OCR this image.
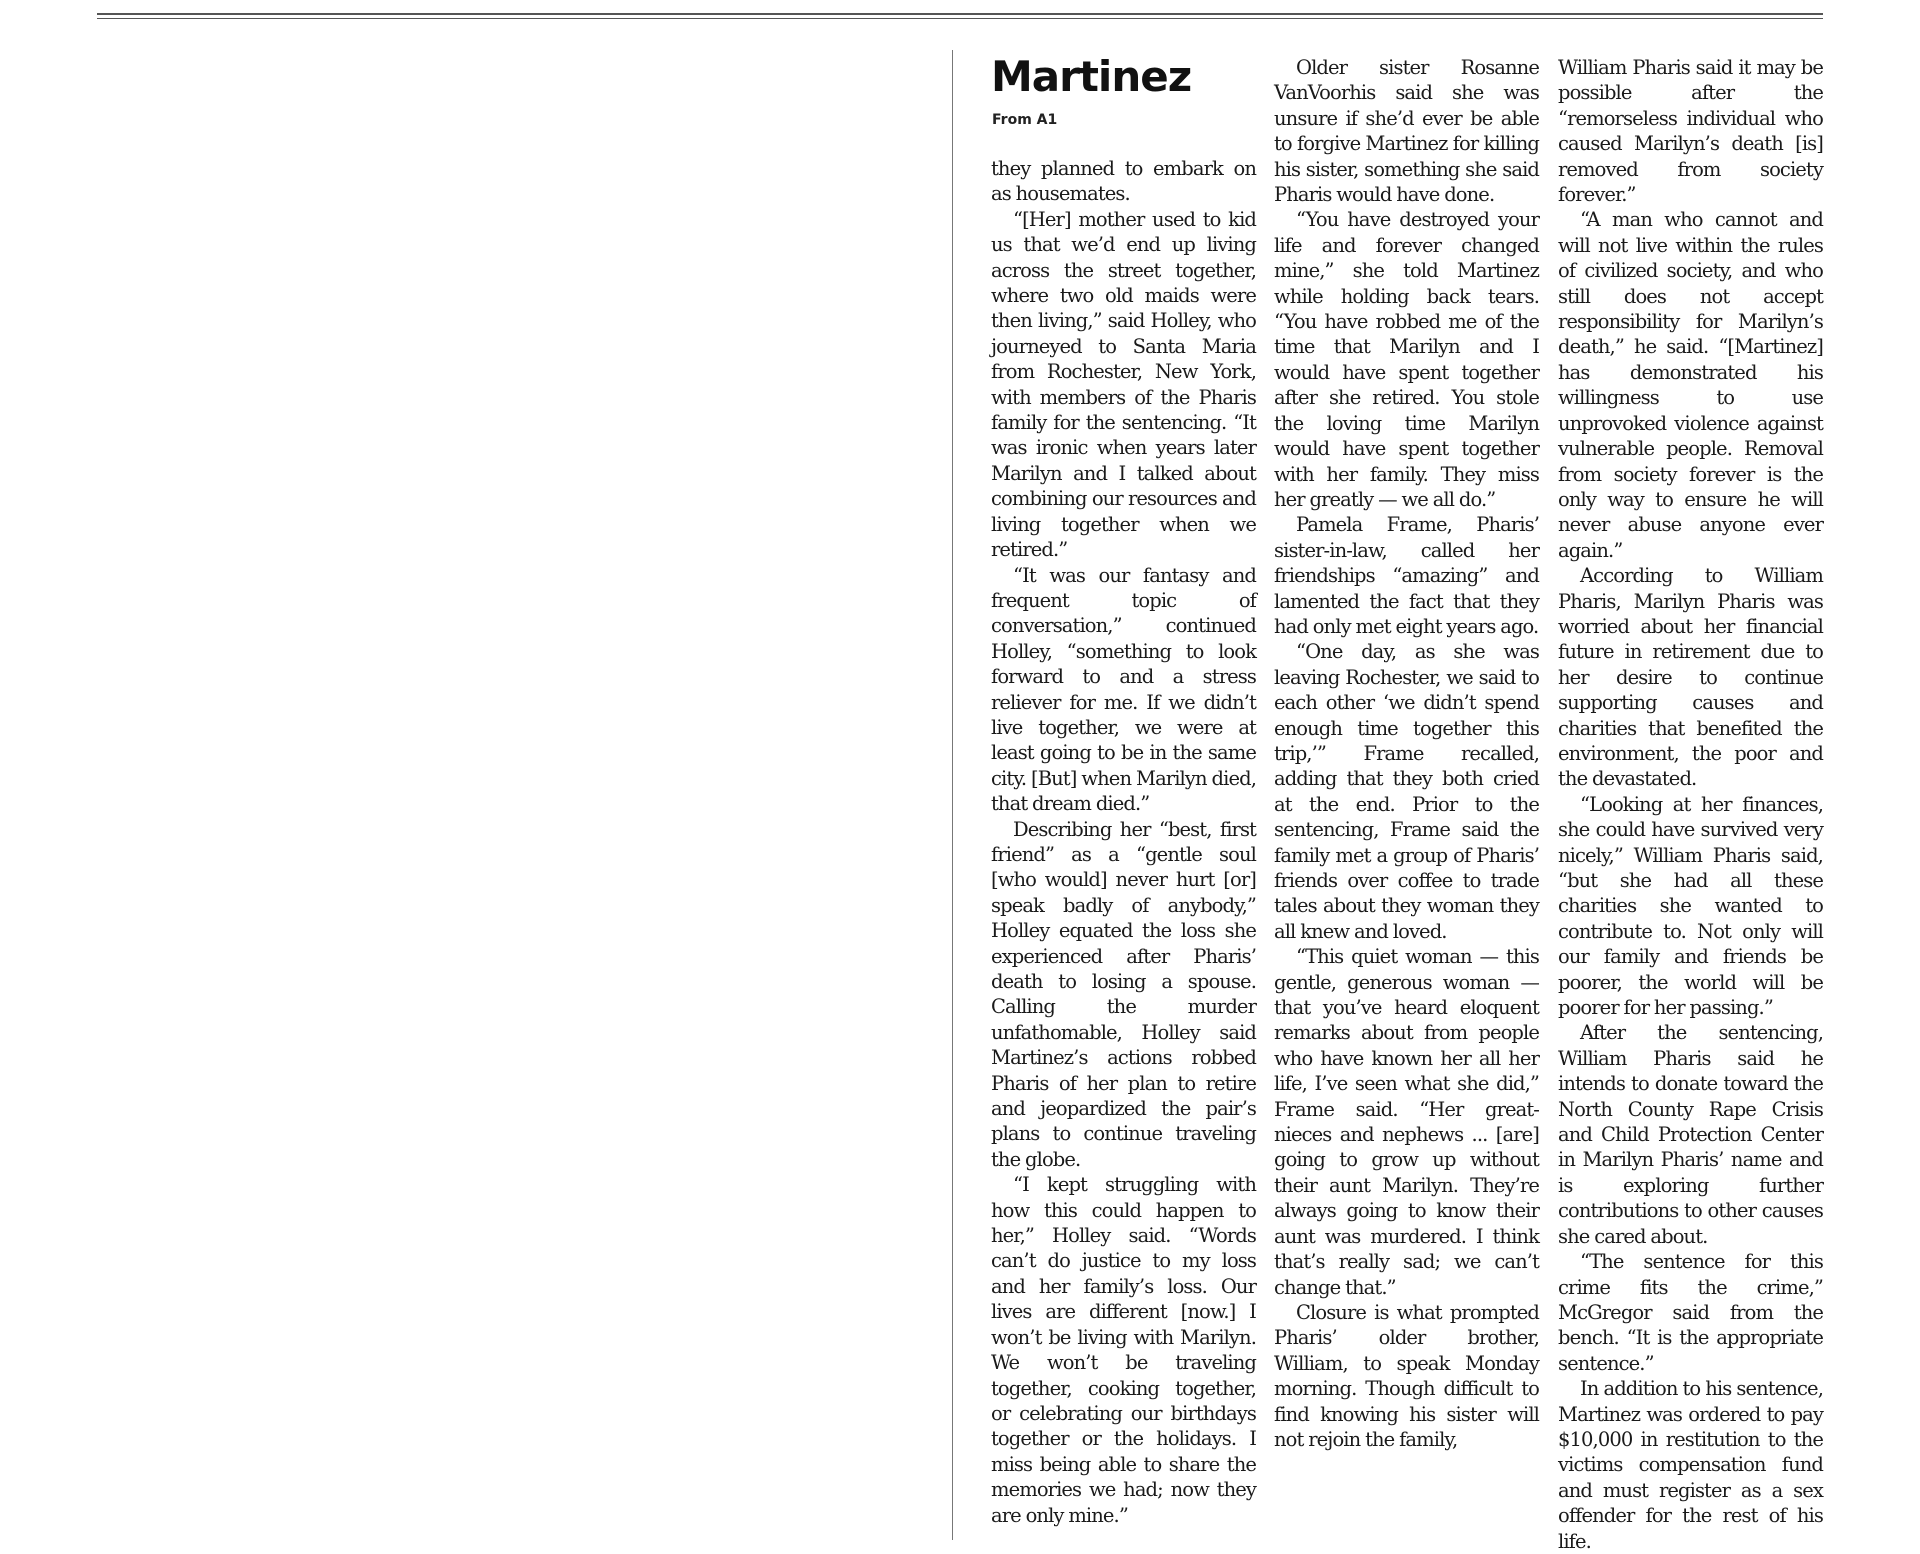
Martinez
From A1

they planned to embark on as housemates.

“[Her] mother used to kid us that we’d end up living across the street together, where two old maids were then living,” said Holley, who journeyed to Santa Maria from Rochester, New York, with members of the Pharis family for the sentencing. “It was ironic when years later Marilyn and I talked about combining our resources and living together when we retired.”

“It was our fantasy and frequent topic of conversation,” continued Holley, “something to look forward to and a stress reliever for me. If we didn’t live together, we were at least going to be in the same city. [But] when Marilyn died, that dream died.”

Describing her “best, first friend” as a “gentle soul [who would] never hurt [or] speak badly of anybody,” Holley equated the loss she experienced after Pharis’ death to losing a spouse. Calling the murder unfathomable, Holley said Martinez’s actions robbed Pharis of her plan to retire and jeopardized the pair’s plans to continue traveling the globe.

“I kept struggling with how this could happen to her,” Holley said. “Words can’t do justice to my loss and her family’s loss. Our lives are different [now.] I won’t be living with Marilyn. We won’t be traveling together, cooking together, or celebrating our birthdays together or the holidays. I miss being able to share the memories we had; now they are only mine.”

Older sister Rosanne VanVoorhis said she was unsure if she’d ever be able to forgive Martinez for killing his sister, something she said Pharis would have done.

“You have destroyed your life and forever changed mine,” she told Martinez while holding back tears. “You have robbed me of the time that Marilyn and I would have spent together after she retired. You stole the loving time Marilyn would have spent together with her family. They miss her greatly — we all do.”

Pamela Frame, Pharis’ sister-in-law, called her friendships “amazing” and lamented the fact that they had only met eight years ago.

“One day, as she was leaving Rochester, we said to each other ‘we didn’t spend enough time together this trip,’” Frame recalled, adding that they both cried at the end. Prior to the sentencing, Frame said the family met a group of Pharis’ friends over coffee to trade tales about they woman they all knew and loved.

“This quiet woman — this gentle, generous woman — that you’ve heard eloquent remarks about from people who have known her all her life, I’ve seen what she did,” Frame said. “Her great-nieces and nephews ... [are] going to grow up without their aunt Marilyn. They’re always going to know their aunt was murdered. I think that’s really sad; we can’t change that.”

Closure is what prompted Pharis’ older brother, William, to speak Monday morning. Though difficult to find knowing his sister will not rejoin the family,

William Pharis said it may be possible after the “remorseless individual who caused Marilyn’s death [is] removed from society forever.”

“A man who cannot and will not live within the rules of civilized society, and who still does not accept responsibility for Marilyn’s death,” he said. “[Martinez] has demonstrated his willingness to use unprovoked violence against vulnerable people. Removal from society forever is the only way to ensure he will never abuse anyone ever again.”

According to William Pharis, Marilyn Pharis was worried about her financial future in retirement due to her desire to continue supporting causes and charities that benefited the environment, the poor and the devastated.

“Looking at her finances, she could have survived very nicely,” William Pharis said, “but she had all these charities she wanted to contribute to. Not only will our family and friends be poorer, the world will be poorer for her passing.”

After the sentencing, William Pharis said he intends to donate toward the North County Rape Crisis and Child Protection Center in Marilyn Pharis’ name and is exploring further contributions to other causes she cared about.

“The sentence for this crime fits the crime,” McGregor said from the bench. “It is the appropriate sentence.”

In addition to his sentence, Martinez was ordered to pay $10,000 in restitution to the victims compensation fund and must register as a sex offender for the rest of his life.
